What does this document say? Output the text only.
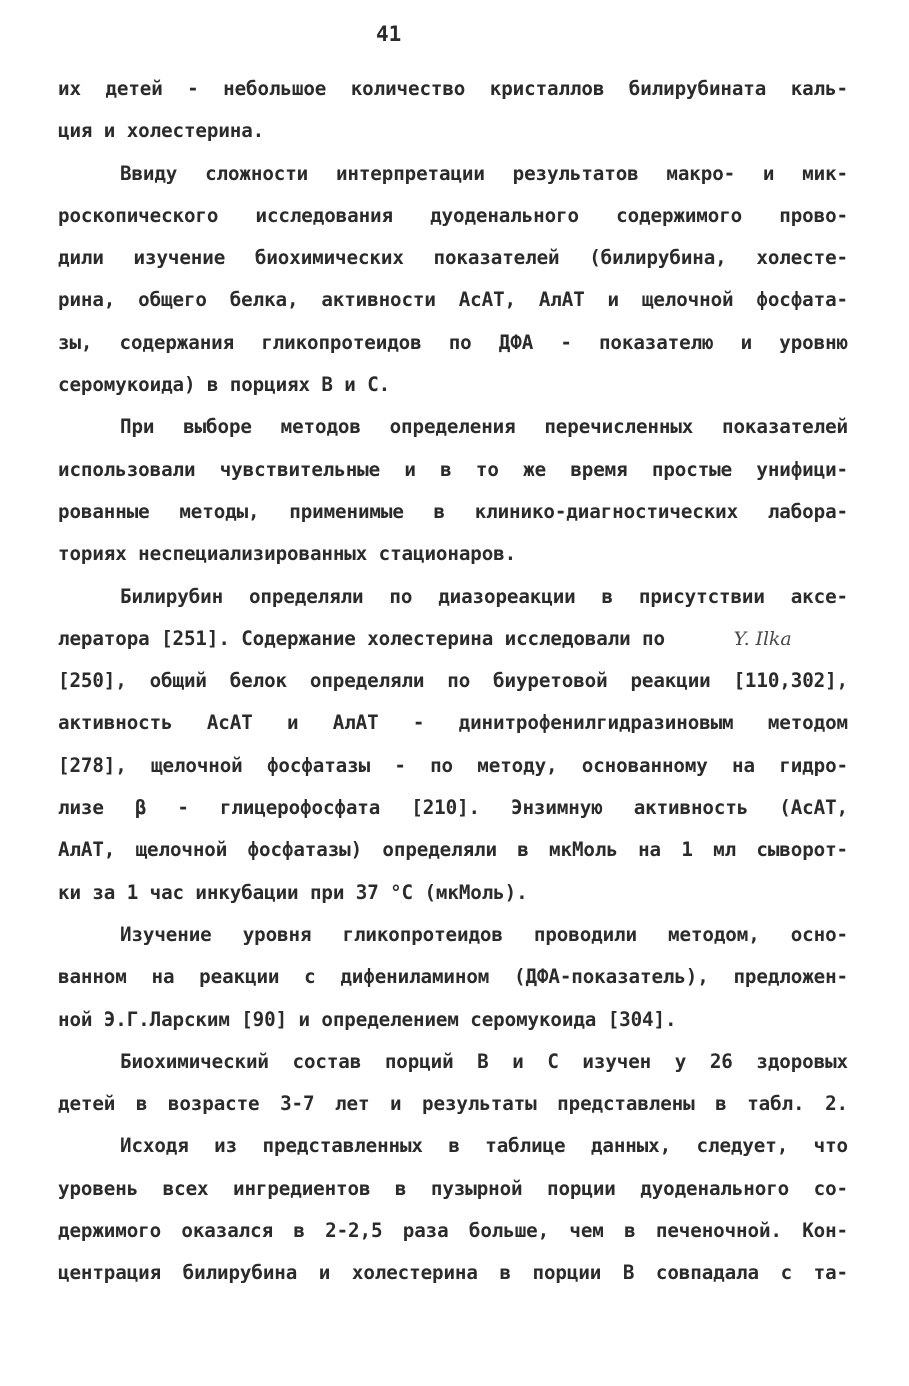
41
их детей - небольшое количество кристаллов билирубината каль-
ция и холестерина.
Ввиду сложности интерпретации результатов макро- и мик-
роскопического исследования дуоденального содержимого прово-
дили изучение биохимических показателей (билирубина, холесте-
рина, общего белка, активности АсАТ, АлАТ и щелочной фосфата-
зы, содержания гликопротеидов по ДФА - показателю и уровню
серомукоида) в порциях В и С.
При выборе методов определения перечисленных показателей
использовали чувствительные и в то же время простые унифици-
рованные методы, применимые в клинико-диагностических лабора-
ториях неспециализированных стационаров.
Билирубин определяли по диазореакции в присутствии аксе-
лератора [251]. Содержание холестерина исследовали по	Y. Ilka
[250], общий белок определяли по биуретовой реакции [110,302],
активность АсАТ и АлАТ - динитрофенилгидразиновым методом
[278], щелочной фосфатазы - по методу, основанному на гидро-
лизе β - глицерофосфата [210]. Энзимную активность (АсАТ,
АлАТ, щелочной фосфатазы) определяли в мкМоль на 1 мл сыворот-
ки за 1 час инкубации при 37 °С (мкМоль).
Изучение уровня гликопротеидов проводили методом, осно-
ванном на реакции с дифениламином (ДФА-показатель), предложен-
ной Э.Г.Ларским [90] и определением серомукоида [304].
Биохимический состав порций В и С изучен у 26 здоровых
детей в возрасте 3-7 лет и результаты представлены в табл. 2.
Исходя из представленных в таблице данных, следует, что
уровень всех ингредиентов в пузырной порции дуоденального со-
держимого оказался в 2-2,5 раза больше, чем в печеночной. Кон-
центрация билирубина и холестерина в порции В совпадала с та-
